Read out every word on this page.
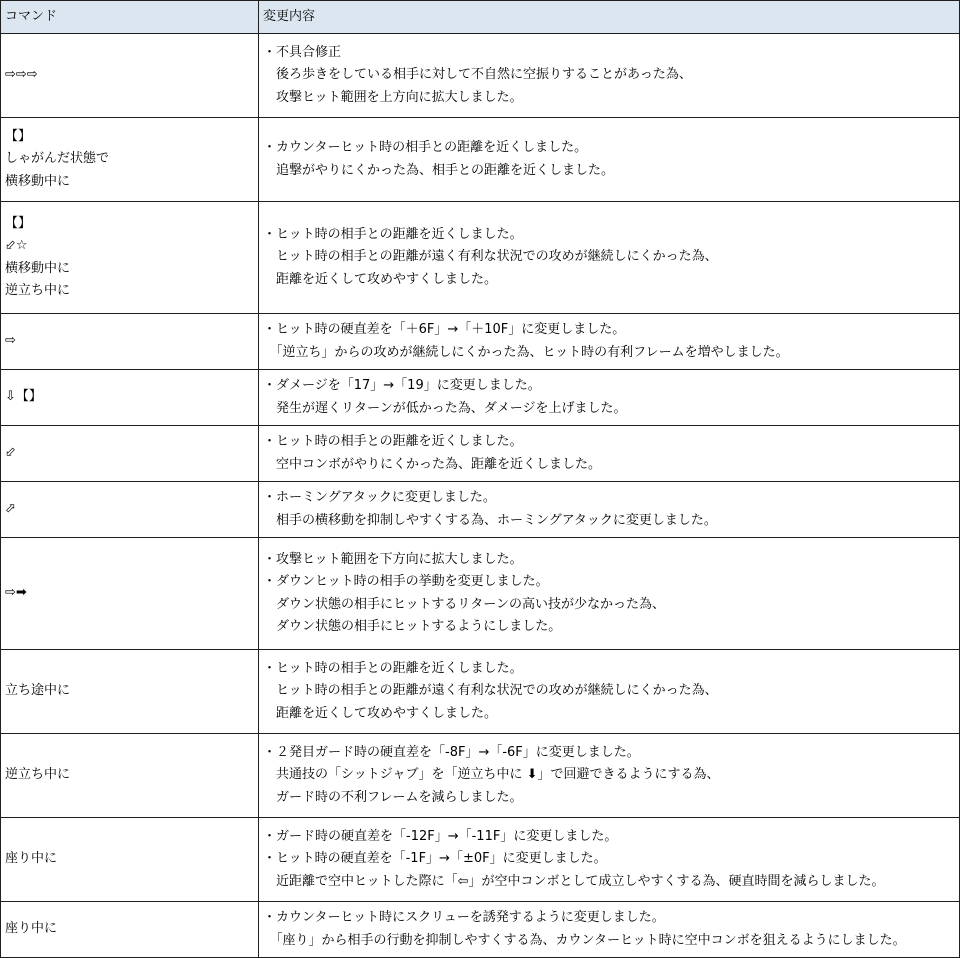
コマンド	変更内容

⇨⇨⇨	・不具合修正
　後ろ歩きをしている相手に対して不自然に空振りすることがあった為、
　攻撃ヒット範囲を上方向に拡大しました。

【】
しゃがんだ状態で
横移動中に	・カウンターヒット時の相手との距離を近くしました。
　追撃がやりにくかった為、相手との距離を近くしました。

【】
⬃☆
横移動中に
逆立ち中に	・ヒット時の相手との距離を近くしました。
　ヒット時の相手との距離が遠く有利な状況での攻めが継続しにくかった為、
　距離を近くして攻めやすくしました。

⇨	・ヒット時の硬直差を「＋6F」→「＋10F」に変更しました。
　「逆立ち」からの攻めが継続しにくかった為、ヒット時の有利フレームを増やしました。

⇩【】	・ダメージを「17」→「19」に変更しました。
　発生が遅くリターンが低かった為、ダメージを上げました。

⬃	・ヒット時の相手との距離を近くしました。
　空中コンボがやりにくかった為、距離を近くしました。

⬀	・ホーミングアタックに変更しました。
　相手の横移動を抑制しやすくする為、ホーミングアタックに変更しました。

⇨➡	・攻撃ヒット範囲を下方向に拡大しました。
・ダウンヒット時の相手の挙動を変更しました。
　ダウン状態の相手にヒットするリターンの高い技が少なかった為、
　ダウン状態の相手にヒットするようにしました。

立ち途中に	・ヒット時の相手との距離を近くしました。
　ヒット時の相手との距離が遠く有利な状況での攻めが継続しにくかった為、
　距離を近くして攻めやすくしました。

逆立ち中に	・２発目ガード時の硬直差を「-8F」→「-6F」に変更しました。
　共通技の「シットジャブ」を「逆立ち中に ⬇」で回避できるようにする為、
　ガード時の不利フレームを減らしました。

座り中に	・ガード時の硬直差を「-12F」→「-11F」に変更しました。
・ヒット時の硬直差を「-1F」→「±0F」に変更しました。
　近距離で空中ヒットした際に「⇦」が空中コンボとして成立しやすくする為、硬直時間を減らしました。

座り中に	・カウンターヒット時にスクリューを誘発するように変更しました。
　「座り」から相手の行動を抑制しやすくする為、カウンターヒット時に空中コンボを狙えるようにしました。
